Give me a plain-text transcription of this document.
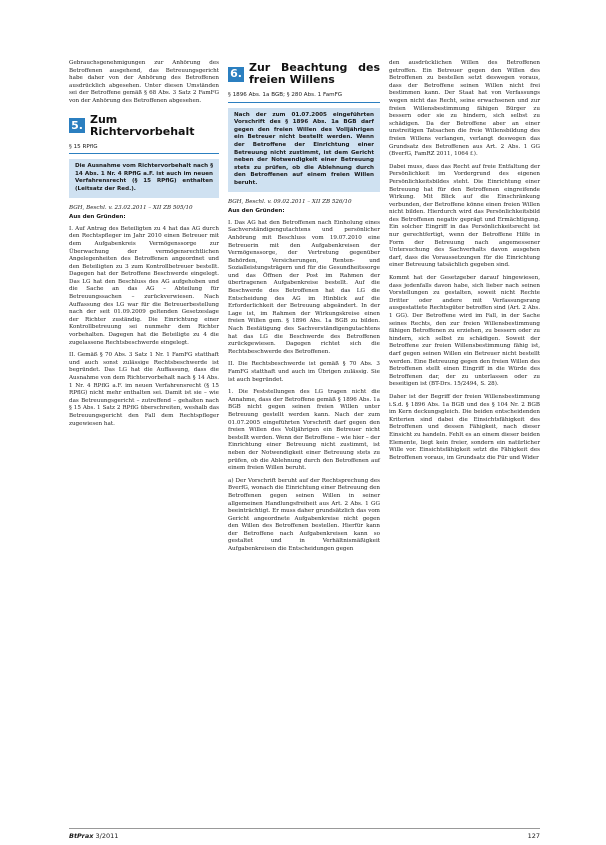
Gebrauchsgenehmigungen zur Anhörung des Betroffenen ausgehend, das Betreuungsgericht habe daher von der Anhörung des Betroffenen ausdrücklich abgesehen. Unter diesen Umständen sei der Betroffene gemäß § 68 Abs. 3 Satz 2 FamFG von der Anhörung des Betroffenen abgesehen.

5. Zum Richtervorbehalt
§ 15 RPflG
Die Ausnahme vom Richtervorbehalt nach § 14 Abs. 1 Nr. 4 RPflG a.F. ist auch im neuen Verfahrensrecht (§ 15 RPflG) enthalten (Leitsatz der Red.).

BGH, Beschl. v. 23.02.2011 – XII ZB 505/10

Aus den Gründen:

I. Auf Antrag des Beteiligten zu 4 hat das AG durch den Rechtspfleger im Jahr 2010 einen Betreuer mit dem Aufgabenkreis Vermögenssorge zur Überwachung der vermögensrechtlichen Angelegenheiten des Betroffenen angeordnet und den Beteiligten zu 3 zum Kontrollbetreuer bestellt. Dagegen hat der Betroffene Beschwerde eingelegt. Das LG hat den Beschluss des AG aufgehoben und die Sache an das AG – Abteilung für Betreuungssachen – zurückverwiesen. Nach Auffassung des LG war für die Betreuerbestellung nach der seit 01.09.2009 geltenden Gesetzeslage der Richter zuständig. Die Einrichtung einer Kontrollbetreuung sei nunmehr dem Richter vorbehalten. Dagegen hat die Beteiligte zu 4 die zugelassene Rechtsbeschwerde eingelegt.

II. Gemäß § 70 Abs. 3 Satz 1 Nr. 1 FamFG statthaft und auch sonst zulässige Rechtsbeschwerde ist begründet. Das LG hat die Auffassung, dass die Ausnahme von dem Richtervorbehalt nach § 14 Abs. 1 Nr. 4 RPflG a.F. im neuen Verfahrensrecht (§ 15 RPflG) nicht mehr enthalten sei. Damit ist sie – wie das Betreuungsgericht – zutreffend – gehalten nach § 15 Abs. 1 Satz 2 RPflG überschreiten, weshalb das Betreuungsgericht den Fall dem Rechtspfleger zugewiesen hat.

6. Zur Beachtung des freien Willens
§ 1896 Abs. 1a BGB; § 280 Abs. 1 FamFG
Nach der zum 01.07.2005 eingeführten Vorschrift des § 1896 Abs. 1a BGB darf gegen den freien Willen des Volljährigen ein Betreuer nicht bestellt werden. Wenn der Betroffene der Einrichtung einer Betreuung nicht zustimmt, ist dem Gericht neben der Notwendigkeit einer Betreuung stets zu prüfen, ob die Ablehnung durch den Betroffenen auf einem freien Willen beruht.

BGH, Beschl. v. 09.02.2011 – XII ZB 526/10

Aus den Gründen:

I. Das AG hat den Betroffenen nach Einholung eines Sachverständigengutachtens und persönlicher Anhörung mit Beschluss vom 19.07.2010 eine Betreuerin mit den Aufgabenkreisen der Vermögenssorge, der Vertretung gegenüber Behörden, Versicherungen, Renten- und Sozialleistungsträgern und für die Gesundheitssorge und das Öffnen der Post im Rahmen der übertragenen Aufgabenkreise bestellt. Auf die Beschwerde des Betroffenen hat das LG die Entscheidung des AG im Hinblick auf die Erforderlichkeit der Betreuung abgeändert. In der Lage ist, im Rahmen der Wirkungskreise einen freien Willen gem. § 1896 Abs. 1a BGB zu bilden. Nach Bestätigung des Sachverständigengutachtens hat das LG die Beschwerde des Betroffenen zurückgewiesen. Dagegen richtet sich die Rechtsbeschwerde des Betroffenen.

II. Die Rechtsbeschwerde ist gemäß § 70 Abs. 3 FamFG statthaft und auch im Übrigen zulässig. Sie ist auch begründet.

1. Die Feststellungen des LG tragen nicht die Annahme, dass der Betroffene gemäß § 1896 Abs. 1a BGB nicht gegen seinen freien Willen unter Betreuung gestellt werden kann. Nach der zum 01.07.2005 eingeführten Vorschrift darf gegen den freien Willen des Volljährigen ein Betreuer nicht bestellt werden. Wenn der Betroffene – wie hier – der Einrichtung einer Betreuung nicht zustimmt, ist neben der Notwendigkeit einer Betreuung stets zu prüfen, ob die Ablehnung durch den Betroffenen auf einem freien Willen beruht.

a) Der Vorschrift beruht auf der Rechtsprechung des BverfG, wonach die Einrichtung einer Betreuung den Betroffenen gegen seinen Willen in seiner allgemeinen Handlungsfreiheit aus Art. 2 Abs. 1 GG beeinträchtigt. Er muss daher grundsätzlich das vom Gericht angeordnete Aufgabenkreise nicht gegen den Willen des Betroffenen bestellen. Hierfür kann der Betroffene nach Aufgabenkreisen kann so gestaltet und in Verhältnismäßigkeit Aufgabenkreisen die Entscheidungen gegen

den ausdrücklichen Willen des Betroffenen getroffen. Ein Betreuer gegen den Willen des Betroffenen zu bestellen setzt deswegen voraus, dass der Betroffene seinen Willen nicht frei bestimmen kann. Der Staat hat von Verfassungs wegen nicht das Recht, seine erwachsenen und zur freien Willensbestimmung fähigen Bürger zu bessern oder sie zu hindern, sich selbst zu schädigen. Da der Betroffene aber an einer unstreitigen Tatsachen die freie Willensbildung des freien Willens verlangen, verlangt deswegen das Grundsatz des Betroffenen aus Art. 2 Abs. 1 GG (BverfG, FamRZ 2011, 1064 f.).

Dabei muss, dass das Recht auf freie Entfaltung der Persönlichkeit im Vordergrund des eigenen Persönlichkeitsbildes steht. Die Einrichtung einer Betreuung hat für den Betroffenen eingreifende Wirkung. Mit Blick auf die Einschränkung verbunden, der Betroffene könne einen freien Willen nicht bilden. Hierdurch wird das Persönlichkeitsbild des Betroffenen negativ geprägt und Ermächtigung. Ein solcher Eingriff in das Persönlichkeitsrecht ist nur gerechtfertigt, wenn der Betroffene Hilfe in Form der Betreuung nach angemessener Untersuchung des Sachverhalts davon ausgehen darf, dass die Voraussetzungen für die Einrichtung einer Betreuung tatsächlich gegeben sind.

Kommt hat der Gesetzgeber darauf hingewiesen, dass jedenfalls davon habe, sich lieber nach seinen Vorstellungen zu gestalten, soweit nicht Rechte Dritter oder andere mit Verfassungsrang ausgestattete Rechtsgüter betroffen sind (Art. 2 Abs. 1 GG). Der Betroffene wird im Fall, in der Sache seines Rechts, den zur freien Willensbestimmung fähigen Betroffenen zu erziehen, zu bessern oder zu hindern, sich selbst zu schädigen. Soweit der Betroffene zur freien Willensbestimmung fähig ist, darf gegen seinen Willen ein Betreuer nicht bestellt werden. Eine Betreuung gegen den freien Willen des Betroffenen stellt einen Eingriff in die Würde des Betroffenen dar, der zu unterlassen oder zu beseitigen ist (BT-Drs. 15/2494, S. 28).

Daher ist der Begriff der freien Willensbestimmung i.S.d. § 1896 Abs. 1a BGB und des § 104 Nr. 2 BGB im Kern deckungsgleich. Die beiden entscheidenden Kriterien sind dabei die Einsichtsfähigkeit des Betroffenen und dessen Fähigkeit, nach dieser Einsicht zu handeln. Fehlt es an einem dieser beiden Elemente, liegt kein freier, sondern ein natürlicher Wille vor. Einsichtsfähigkeit setzt die Fähigkeit des Betroffenen voraus, im Grundsatz die Für und Wider

BtPrax 3/2011	127
